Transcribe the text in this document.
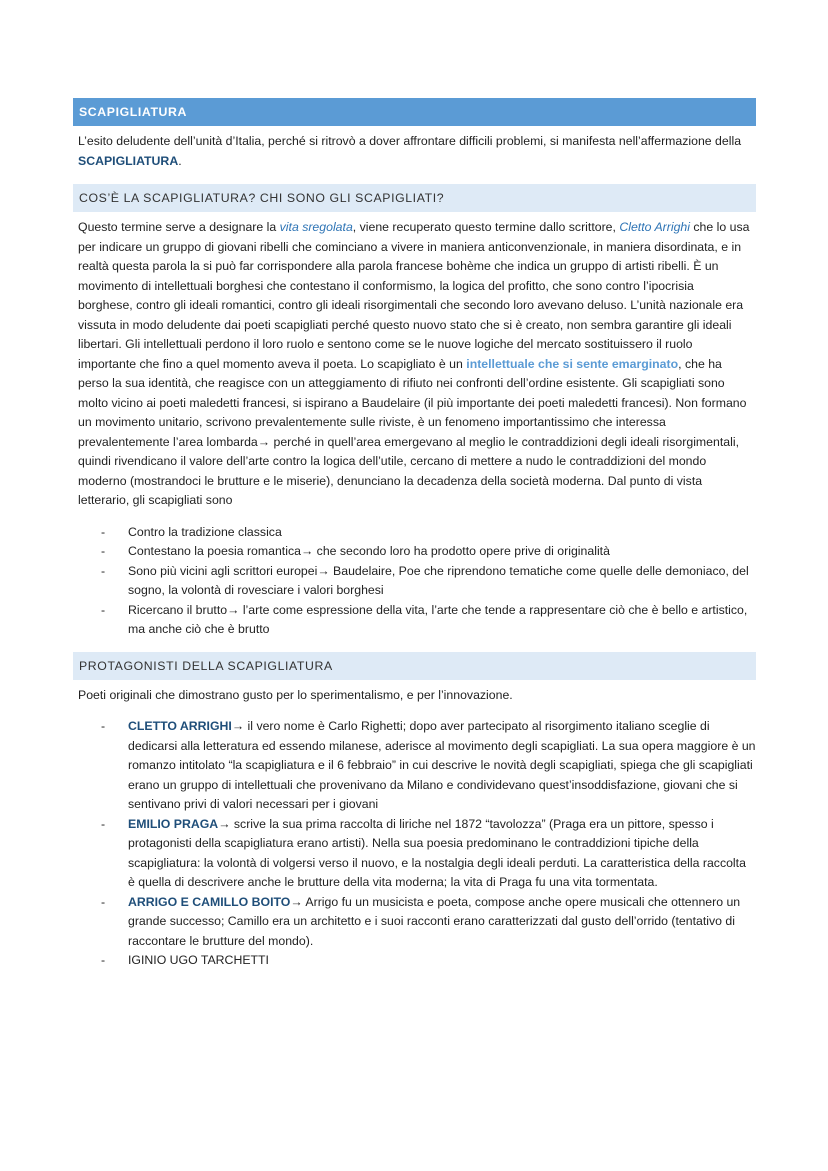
SCAPIGLIATURA
L’esito deludente dell’unità d’Italia, perché si ritrovò a dover affrontare difficili problemi, si manifesta nell’affermazione della SCAPIGLIATURA.
COS’È LA SCAPIGLIATURA? CHI SONO GLI SCAPIGLIATI?
Questo termine serve a designare la vita sregolata, viene recuperato questo termine dallo scrittore, Cletto Arrighi che lo usa per indicare un gruppo di giovani ribelli che cominciano a vivere in maniera anticonvenzionale, in maniera disordinata, e in realtà questa parola la si può far corrispondere alla parola francese bohème che indica un gruppo di artisti ribelli. È un movimento di intellettuali borghesi che contestano il conformismo, la logica del profitto, che sono contro l’ipocrisia borghese, contro gli ideali romantici, contro gli ideali risorgimentali che secondo loro avevano deluso. L’unità nazionale era vissuta in modo deludente dai poeti scapigliati perché questo nuovo stato che si è creato, non sembra garantire gli ideali libertari. Gli intellettuali perdono il loro ruolo e sentono come se le nuove logiche del mercato sostituissero il ruolo importante che fino a quel momento aveva il poeta. Lo scapigliato è un intellettuale che si sente emarginato, che ha perso la sua identità, che reagisce con un atteggiamento di rifiuto nei confronti dell’ordine esistente. Gli scapigliati sono molto vicino ai poeti maledetti francesi, si ispirano a Baudelaire (il più importante dei poeti maledetti francesi). Non formano un movimento unitario, scrivono prevalentemente sulle riviste, è un fenomeno importantissimo che interessa prevalentemente l’area lombarda→ perché in quell’area emergevano al meglio le contraddizioni degli ideali risorgimentali, quindi rivendicano il valore dell’arte contro la logica dell’utile, cercano di mettere a nudo le contraddizioni del mondo moderno (mostrandoci le brutture e le miserie), denunciano la decadenza della società moderna. Dal punto di vista letterario, gli scapigliati sono
- Contro la tradizione classica
- Contestano la poesia romantica→ che secondo loro ha prodotto opere prive di originalità
- Sono più vicini agli scrittori europei→ Baudelaire, Poe che riprendono tematiche come quelle delle demoniaco, del sogno, la volontà di rovesciare i valori borghesi
- Ricercano il brutto→ l’arte come espressione della vita, l’arte che tende a rappresentare ciò che è bello e artistico, ma anche ciò che è brutto
PROTAGONISTI DELLA SCAPIGLIATURA
Poeti originali che dimostrano gusto per lo sperimentalismo, e per l’innovazione.
- CLETTO ARRIGHI→ il vero nome è Carlo Righetti; dopo aver partecipato al risorgimento italiano sceglie di dedicarsi alla letteratura ed essendo milanese, aderisce al movimento degli scapigliati. La sua opera maggiore è un romanzo intitolato “la scapigliatura e il 6 febbraio” in cui descrive le novità degli scapigliati, spiega che gli scapigliati erano un gruppo di intellettuali che provenivano da Milano e condividevano quest’insoddisfazione, giovani che si sentivano privi di valori necessari per i giovani
- EMILIO PRAGA→ scrive la sua prima raccolta di liriche nel 1872 “tavolozza” (Praga era un pittore, spesso i protagonisti della scapigliatura erano artisti). Nella sua poesia predominano le contraddizioni tipiche della scapigliatura: la volontà di volgersi verso il nuovo, e la nostalgia degli ideali perduti. La caratteristica della raccolta è quella di descrivere anche le brutture della vita moderna; la vita di Praga fu una vita tormentata.
- ARRIGO E CAMILLO BOITO→ Arrigo fu un musicista e poeta, compose anche opere musicali che ottennero un grande successo; Camillo era un architetto e i suoi racconti erano caratterizzati dal gusto dell’orrido (tentativo di raccontare le brutture del mondo).
- IGINIO UGO TARCHETTI
